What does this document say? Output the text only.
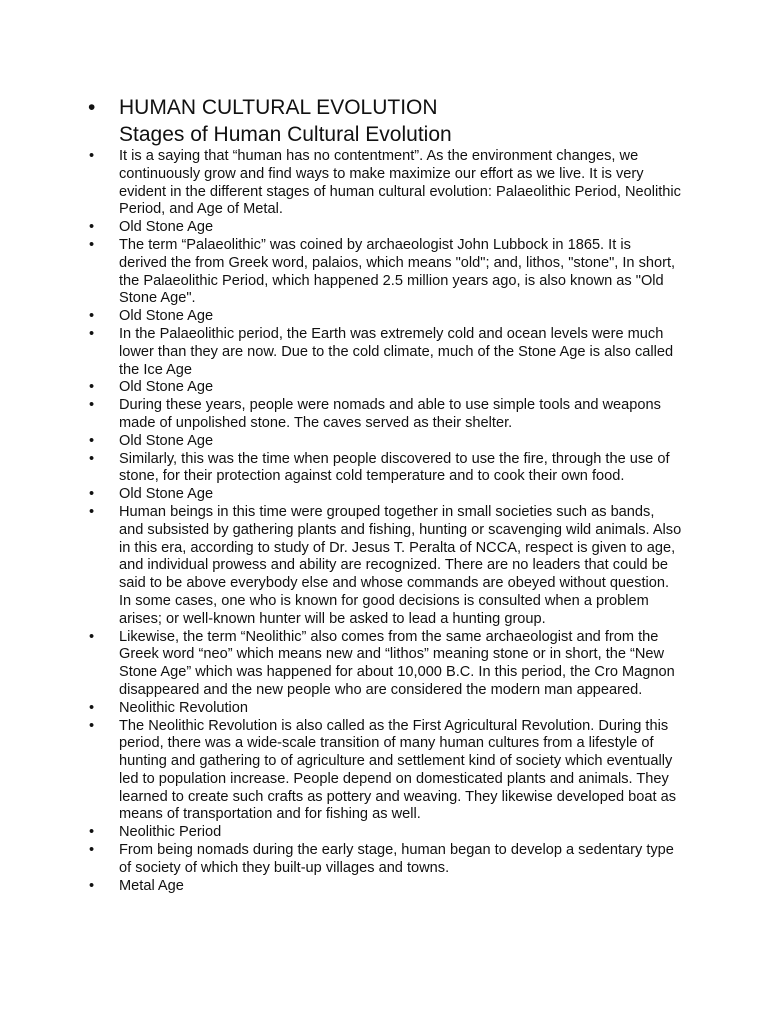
• HUMAN CULTURAL EVOLUTION
Stages of Human Cultural Evolution
• It is a saying that “human has no contentment”. As the environment changes, we continuously grow and find ways to make maximize our effort as we live. It is very evident in the different stages of human cultural evolution: Palaeolithic Period, Neolithic Period, and Age of Metal.
• Old Stone Age
• The term “Palaeolithic” was coined by archaeologist John Lubbock in 1865. It is derived the from Greek word, palaios, which means "old"; and, lithos, "stone", In short, the Palaeolithic Period, which happened 2.5 million years ago, is also known as "Old Stone Age".
• Old Stone Age
• In the Palaeolithic period, the Earth was extremely cold and ocean levels were much lower than they are now. Due to the cold climate, much of the Stone Age is also called the Ice Age
• Old Stone Age
• During these years, people were nomads and able to use simple tools and weapons made of unpolished stone. The caves served as their shelter.
• Old Stone Age
• Similarly, this was the time when people discovered to use the fire, through the use of stone, for their protection against cold temperature and to cook their own food.
• Old Stone Age
• Human beings in this time were grouped together in small societies such as bands, and subsisted by gathering plants and fishing, hunting or scavenging wild animals. Also in this era, according to study of Dr. Jesus T. Peralta of NCCA, respect is given to age, and individual prowess and ability are recognized. There are no leaders that could be said to be above everybody else and whose commands are obeyed without question. In some cases, one who is known for good decisions is consulted when a problem arises; or well-known hunter will be asked to lead a hunting group.
• Likewise, the term “Neolithic” also comes from the same archaeologist and from the Greek word “neo” which means new and “lithos” meaning stone or in short, the “New Stone Age” which was happened for about 10,000 B.C. In this period, the Cro Magnon disappeared and the new people who are considered the modern man appeared.
• Neolithic Revolution
• The Neolithic Revolution is also called as the First Agricultural Revolution. During this period, there was a wide-scale transition of many human cultures from a lifestyle of hunting and gathering to of agriculture and settlement kind of society which eventually led to population increase. People depend on domesticated plants and animals. They learned to create such crafts as pottery and weaving. They likewise developed boat as means of transportation and for fishing as well.
• Neolithic Period
• From being nomads during the early stage, human began to develop a sedentary type of society of which they built-up villages and towns.
• Metal Age
